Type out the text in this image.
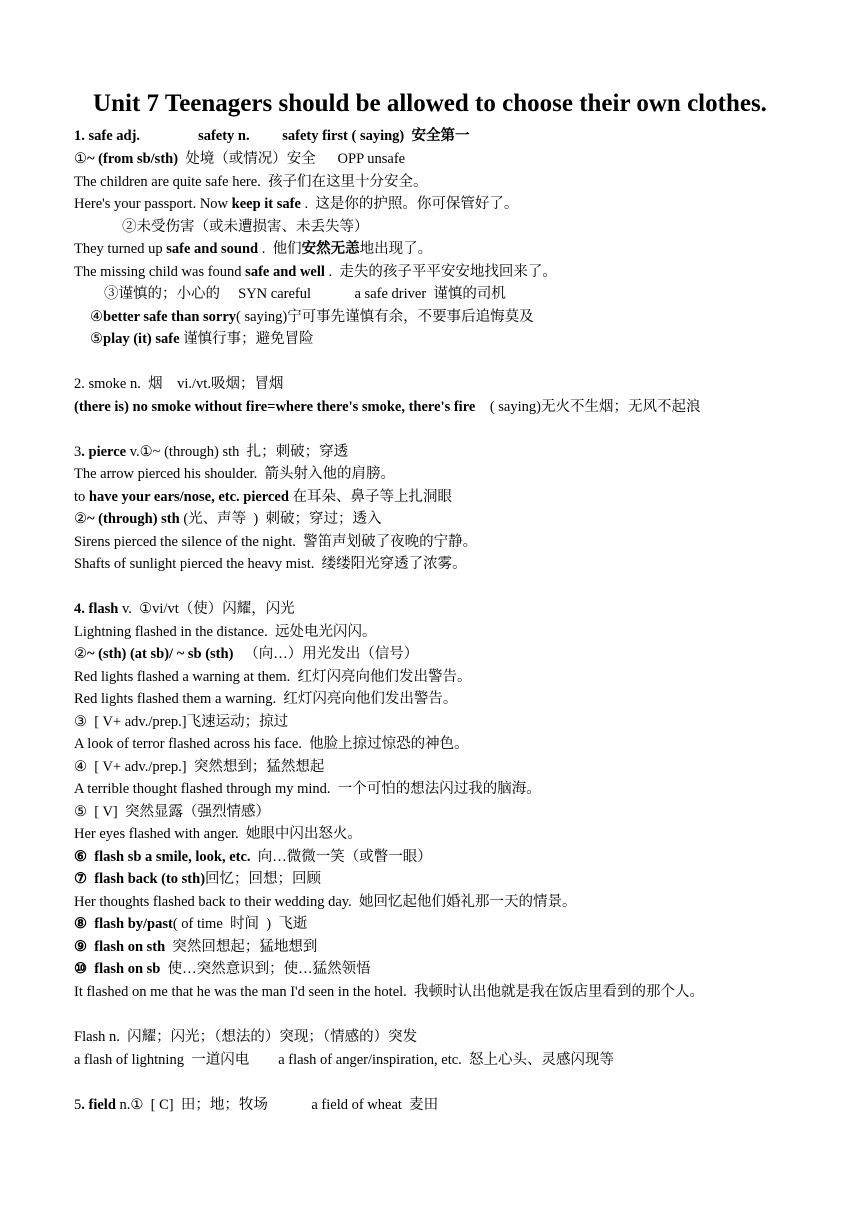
Unit 7 Teenagers should be allowed to choose their own clothes.
1. safe adj.                safety n.         safety first ( saying)  安全第一
①~ (from sb/sth)  处境（或情况）安全      OPP unsafe
The children are quite safe here.  孩子们在这里十分安全。
Here's your passport. Now keep it safe .  这是你的护照。你可保管好了。
②未受伤害（或未遭损害、未丢失等）
They turned up safe and sound .  他们安然无恙地出现了。
The missing child was found safe and well .  走失的孩子平平安安地找回来了。
③谨慎的；小心的     SYN careful            a safe driver  谨慎的司机
④better safe than sorry( saying)宁可事先谨慎有余，不要事后追悔莫及
⑤play (it) safe 谨慎行事；避免冒险
2. smoke n.  烟    vi./vt.吸烟；冒烟
(there is) no smoke without fire=where there's smoke, there's fire    ( saying)无火不生烟；无风不起浪
3. pierce v.①~ (through) sth  扎；刺破；穿透
The arrow pierced his shoulder.  箭头射入他的肩膀。
to have your ears/nose, etc. pierced 在耳朵、鼻子等上扎洞眼
②~ (through) sth (光、声等  )  刺破；穿过；透入
Sirens pierced the silence of the night.  警笛声划破了夜晚的宁静。
Shafts of sunlight pierced the heavy mist.  缕缕阳光穿透了浓雾。
4. flash v.  ①vi/vt（使）闪耀，闪光
Lightning flashed in the distance.  远处电光闪闪。
②~ (sth) (at sb)/ ~ sb (sth)   （向…）用光发出（信号）
Red lights flashed a warning at them.  红灯闪亮向他们发出警告。
Red lights flashed them a warning.  红灯闪亮向他们发出警告。
③  [ V+ adv./prep.]飞速运动；掠过
A look of terror flashed across his face.  他脸上掠过惊恐的神色。
④  [ V+ adv./prep.]  突然想到；猛然想起
A terrible thought flashed through my mind.  一个可怕的想法闪过我的脑海。
⑤  [ V]  突然显露（强烈情感）
Her eyes flashed with anger.  她眼中闪出怒火。
⑥  flash sb a smile, look, etc.  向…微微一笑（或瞥一眼）
⑦  flash back (to sth)回忆；回想；回顾
Her thoughts flashed back to their wedding day.  她回忆起他们婚礼那一天的情景。
⑧  flash by/past( of time  时间  )  飞逝
⑨  flash on sth  突然回想起；猛地想到
⑩  flash on sb  使…突然意识到；使…猛然领悟
It flashed on me that he was the man I'd seen in the hotel.  我顿时认出他就是我在饭店里看到的那个人。
Flash n.  闪耀；闪光；（想法的）突现；（情感的）突发
a flash of lightning  一道闪电        a flash of anger/inspiration, etc.  怒上心头、灵感闪现等
5. field n.①  [ C]  田；地；牧场            a field of wheat  麦田
